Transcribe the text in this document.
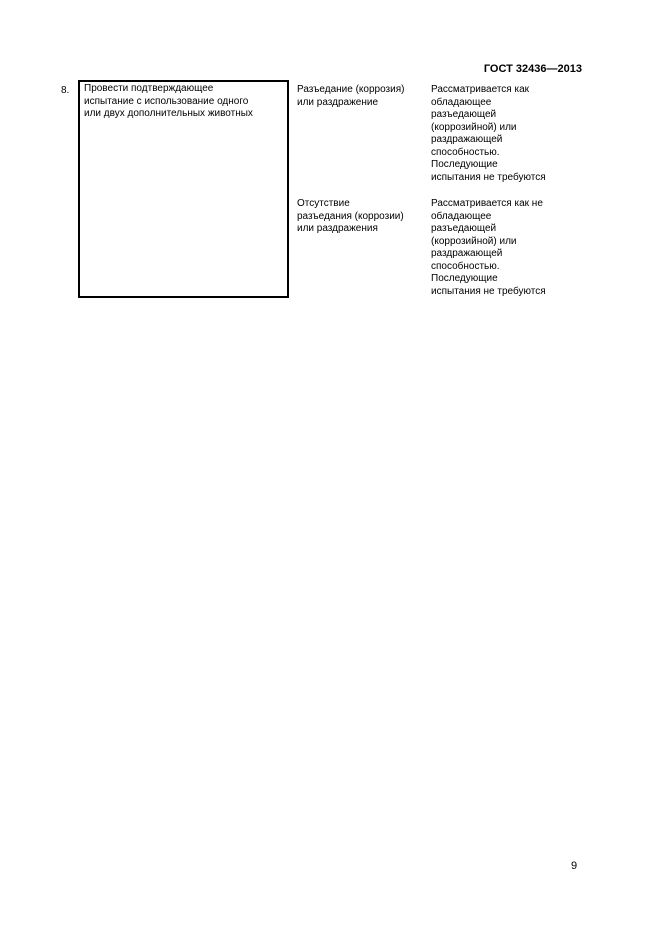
ГОСТ 32436—2013
8. Провести подтверждающее
испытание с использование одного
или двух дополнительных животных
Разъедание (коррозия)
или раздражение
Рассматривается как
обладающее
разъедающей
(коррозийной) или
раздражающей
способностью.
Последующие
испытания не требуются
Отсутствие
разъедания (коррозии)
или раздражения
Рассматривается как не
обладающее
разъедающей
(коррозийной) или
раздражающей
способностью.
Последующие
испытания не требуются
9
